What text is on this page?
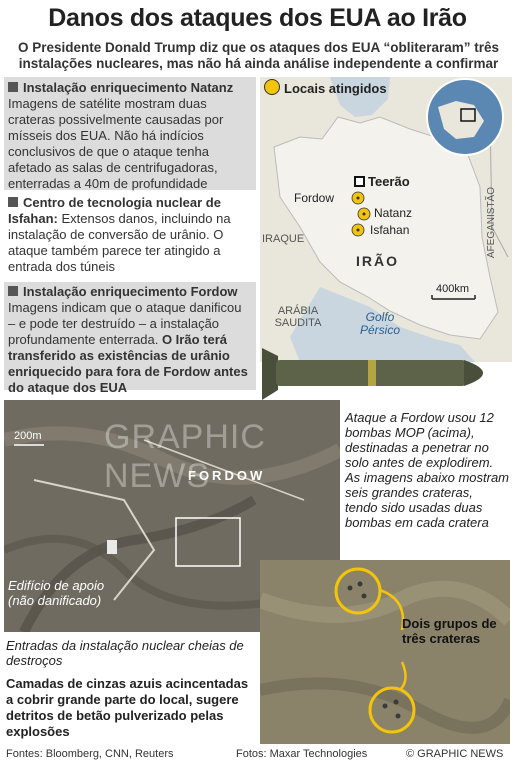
Danos dos ataques dos EUA ao Irão
O Presidente Donald Trump diz que os ataques dos EUA “obliteraram” três instalações nucleares, mas não há ainda análise independente a confirmar
Instalação enriquecimento Natanz
Imagens de satélite mostram duas crateras possivelmente causadas por mísseis dos EUA. Não há indícios conclusivos de que o ataque tenha afetado as salas de centrifugadoras, enterradas a 40m de profundidade
Centro de tecnologia nuclear de Isfahan: Extensos danos, incluindo na instalação de conversão de urânio. O ataque também parece ter atingido a entrada dos túneis
Instalação enriquecimento Fordow
Imagens indicam que o ataque danificou – e pode ter destruído – a instalação profundamente enterrada. O Irão terá transferido as existências de urânio enriquecido para fora de Fordow antes do ataque dos EUA
Locais atingidos
Teerão
Fordow
Natanz
Isfahan
IRÃO
IRAQUE
ARÁBIA SAUDITA
AFEGANISTÃO
Golfo Pérsico
400km
200m
FORDOW
GRAPHIC NEWS
Ataque a Fordow usou 12 bombas MOP (acima), destinadas a penetrar no solo antes de explodirem. As imagens abaixo mostram seis grandes crateras, tendo sido usadas duas bombas em cada cratera
Dois grupos de três crateras
Edifício de apoio (não danificado)
Entradas da instalação nuclear cheias de destroços
Camadas de cinzas azuis acincentadas a cobrir grande parte do local, sugere detritos de betão pulverizado pelas explosões
Fontes: Bloomberg, CNN, Reuters	Fotos: Maxar Technologies	© GRAPHIC NEWS
